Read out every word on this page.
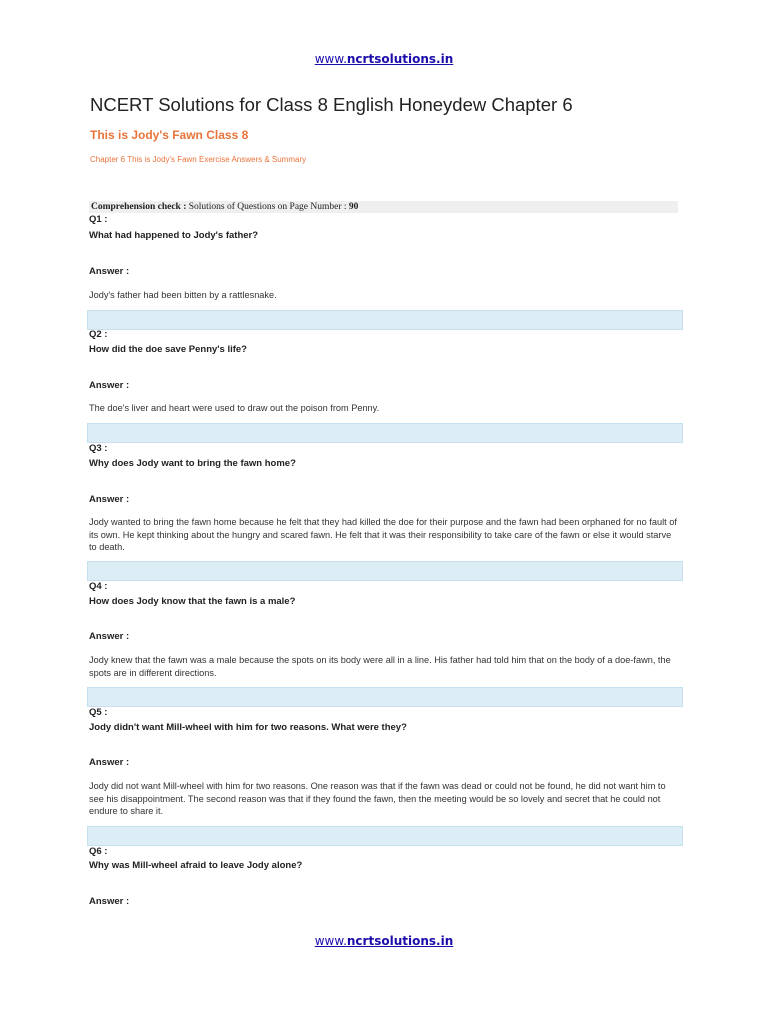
www.ncrtsolutions.in
NCERT Solutions for Class 8 English Honeydew Chapter 6
This is Jody's Fawn Class 8
Chapter 6 This is Jody's Fawn Exercise Answers & Summary
Comprehension check : Solutions of Questions on Page Number : 90
Q1 :
What had happened to Jody's father?
Answer :
Jody's father had been bitten by a rattlesnake.
Q2 :
How did the doe save Penny's life?
Answer :
The doe's liver and heart were used to draw out the poison from Penny.
Q3 :
Why does Jody want to bring the fawn home?
Answer :
Jody wanted to bring the fawn home because he felt that they had killed the doe for their purpose and the fawn had been orphaned for no fault of its own. He kept thinking about the hungry and scared fawn. He felt that it was their responsibility to take care of the fawn or else it would starve to death.
Q4 :
How does Jody know that the fawn is a male?
Answer :
Jody knew that the fawn was a male because the spots on its body were all in a line. His father had told him that on the body of a doe-fawn, the spots are in different directions.
Q5 :
Jody didn't want Mill-wheel with him for two reasons. What were they?
Answer :
Jody did not want Mill-wheel with him for two reasons. One reason was that if the fawn was dead or could not be found, he did not want him to see his disappointment. The second reason was that if they found the fawn, then the meeting would be so lovely and secret that he could not endure to share it.
Q6 :
Why was Mill-wheel afraid to leave Jody alone?
Answer :
www.ncrtsolutions.in
